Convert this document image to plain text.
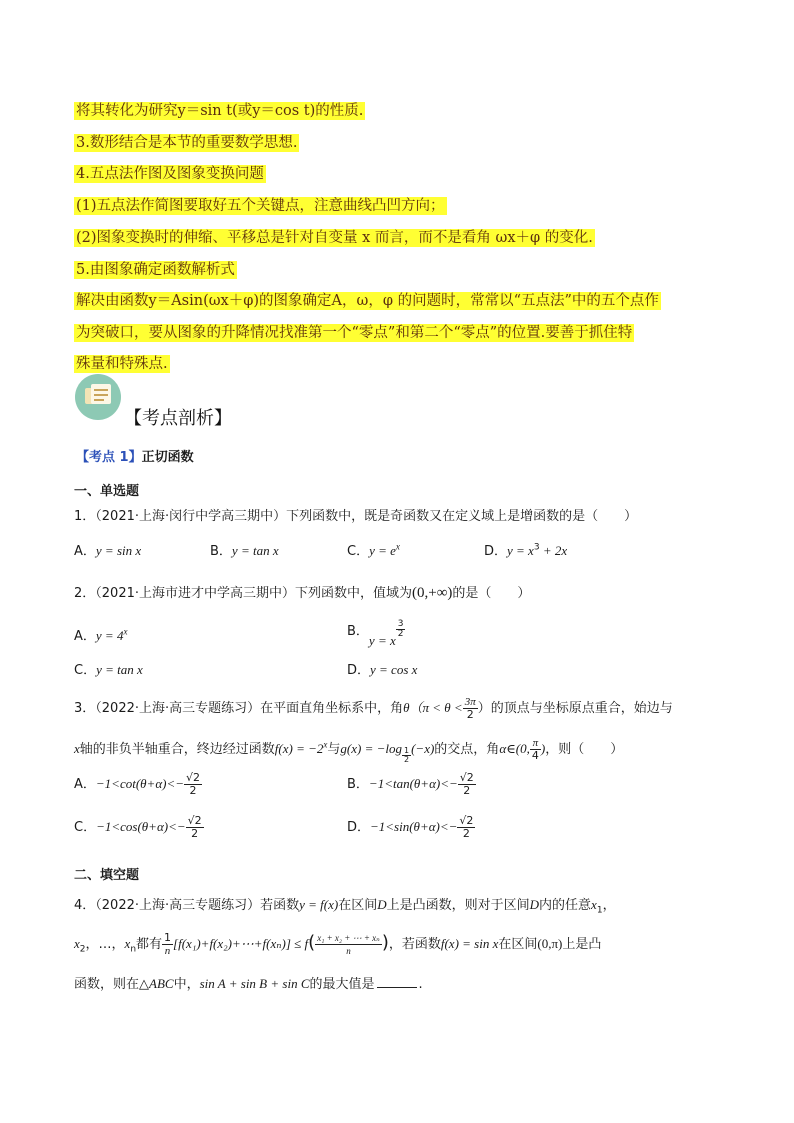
将其转化为研究y＝sin t(或y＝cos t)的性质.
3.数形结合是本节的重要数学思想.
4.五点法作图及图象变换问题
(1)五点法作简图要取好五个关键点，注意曲线凸凹方向；
(2)图象变换时的伸缩、平移总是针对自变量 x 而言，而不是看角 ωx＋φ 的变化.
5.由图象确定函数解析式
解决由函数y＝Asin(ωx＋φ)的图象确定A，ω，φ 的问题时，常常以“五点法”中的五个点作
为突破口，要从图象的升降情况找准第一个“零点”和第二个“零点”的位置.要善于抓住特
殊量和特殊点.
【考点剖析】
【考点 1】正切函数
一、单选题
1．（2021·上海·闵行中学高三期中）下列函数中，既是奇函数又在定义域上是增函数的是（　　）
A．y = sin x	B．y = tan x	C．$y = e^x$	D．$y = x^3 + 2x$
2．（2021·上海市进才中学高三期中）下列函数中，值域为(0,+∞)的是（　　）
A．$y = 4^x$	B．y = x
$\frac{3}{2}$
C．y = tan x	D．y = cos x
3．（2022·上海·高三专题练习）在平面直角坐标系中，角$\theta(\pi < \theta < \frac{3\pi}{2}$ ）的顶点与坐标原点重合，始边与
x轴的非负半轴重合，终边经过函数$f(x) = -2^x$与$g(x) = -\log \frac{1}{2} (-x)$的交点，角α∈(0, $\frac{\pi}{4}$ )，则（　　）
A．$-1<\cot(\theta+\alpha)<- \frac{√2}{2}$	B．$-1<\tan(\theta+\alpha)<- \frac{√2}{2}$
C．$-1<\cos(\theta+\alpha)<- \frac{√2}{2}$	D．$-1<\sin(\theta+\alpha)<- \frac{√2}{2}$
二、填空题
4．（2022·上海·高三专题练习）若函数y = f(x)在区间D上是凸函数，则对于区间D内的任意$x_1$，
$x_2$，…，$x_n$都有 $\frac{1}{n}$ [f(x₁)+f(x₂)+⋯+f(xₙ)] ≤ $f( \frac{\text{x₁ + x₂ + ⋯ + xₙ}}{n}$ )，若函数f(x) = sin x在区间(0,π)上是凸
函数，则在△ABC中，sin A + sin B + sin C的最大值是	.
